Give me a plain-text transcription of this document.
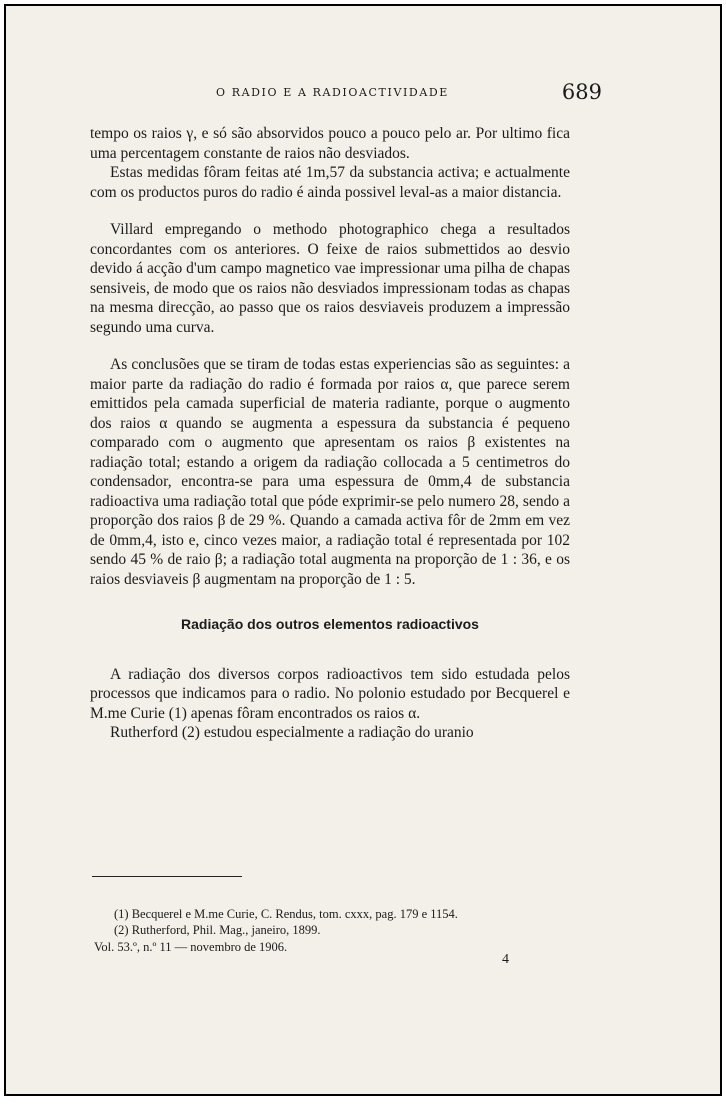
O RADIO E A RADIOACTIVIDADE	689

tempo os raios γ, e só são absorvidos pouco a pouco pelo ar. Por ultimo fica uma percentagem constante de raios não desviados.

Estas medidas fôram feitas até 1m,57 da substancia activa; e actualmente com os productos puros do radio é ainda possivel leval-as a maior distancia.

Villard empregando o methodo photographico chega a resultados concordantes com os anteriores. O feixe de raios submettidos ao desvio devido á acção d'um campo magnetico vae impressionar uma pilha de chapas sensiveis, de modo que os raios não desviados impressionam todas as chapas na mesma direcção, ao passo que os raios desviaveis produzem a impressão segundo uma curva.

As conclusões que se tiram de todas estas experiencias são as seguintes: a maior parte da radiação do radio é formada por raios α, que parece serem emittidos pela camada superficial de materia radiante, porque o augmento dos raios α quando se augmenta a espessura da substancia é pequeno comparado com o augmento que apresentam os raios β existentes na radiação total; estando a origem da radiação collocada a 5 centimetros do condensador, encontra-se para uma espessura de 0mm,4 de substancia radioactiva uma radiação total que póde exprimir-se pelo numero 28, sendo a proporção dos raios β de 29 %. Quando a camada activa fôr de 2mm em vez de 0mm,4, isto e, cinco vezes maior, a radiação total é representada por 102 sendo 45 % de raio β; a radiação total augmenta na proporção de 1 : 36, e os raios desviaveis β augmentam na proporção de 1 : 5.

Radiação dos outros elementos radioactivos

A radiação dos diversos corpos radioactivos tem sido estudada pelos processos que indicamos para o radio. No polonio estudado por Becquerel e M.me Curie (1) apenas fôram encontrados os raios α.

Rutherford (2) estudou especialmente a radiação do uranio

(1) Becquerel e M.me Curie, C. Rendus, tom. cxxx, pag. 179 e 1154.

(2) Rutherford, Phil. Mag., janeiro, 1899.

Vol. 53.º, n.º 11 — novembro de 1906.
4
